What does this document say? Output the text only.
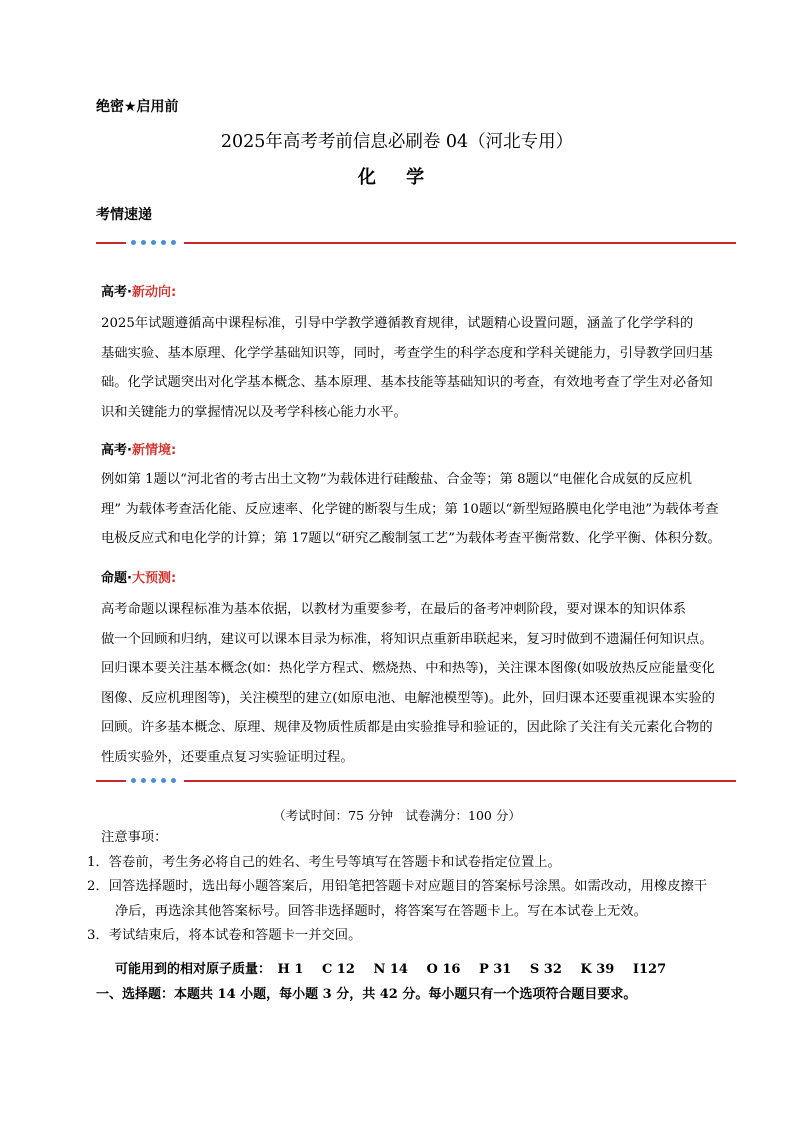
绝密★启用前
2025年高考考前信息必刷卷 04（河北专用）
化 学
考情速递
高考·新动向:
2025年试题遵循高中课程标准，引导中学教学遵循教育规律，试题精心设置问题，涵盖了化学学科的
基础实验、基本原理、化学学基础知识等，同时，考查学生的科学态度和学科关键能力，引导教学回归基
础。化学试题突出对化学基本概念、基本原理、基本技能等基础知识的考查，有效地考查了学生对必备知
识和关键能力的掌握情况以及考学科核心能力水平。
高考·新情境:
例如第 1题以“河北省的考古出土文物”为载体进行硅酸盐、合金等；第 8题以“电催化合成氨的反应机
理” 为载体考查活化能、反应速率、化学键的断裂与生成；第 10题以“新型短路膜电化学电池”为载体考查
电极反应式和电化学的计算；第 17题以“研究乙酸制氢工艺”为载体考查平衡常数、化学平衡、体积分数。
命题·大预测:
高考命题以课程标准为基本依据，以教材为重要参考，在最后的备考冲刺阶段，要对课本的知识体系
做一个回顾和归纳，建议可以课本目录为标准，将知识点重新串联起来，复习时做到不遗漏任何知识点。
回归课本要关注基本概念(如：热化学方程式、燃烧热、中和热等)，关注课本图像(如吸放热反应能量变化
图像、反应机理图等)，关注模型的建立(如原电池、电解池模型等)。此外，回归课本还要重视课本实验的
回顾。许多基本概念、原理、规律及物质性质都是由实验推导和验证的，因此除了关注有关元素化合物的
性质实验外，还要重点复习实验证明过程。
（考试时间：75 分钟　试卷满分：100 分）
注意事项：
1．答卷前，考生务必将自己的姓名、考生号等填写在答题卡和试卷指定位置上。
2．回答选择题时，选出每小题答案后，用铅笔把答题卡对应题目的答案标号涂黑。如需改动，用橡皮擦干
净后，再选涂其他答案标号。回答非选择题时，将答案写在答题卡上。写在本试卷上无效。
3．考试结束后，将本试卷和答题卡一并交回。
可能用到的相对原子质量： H 1 C 12 N 14 O 16 P 31 S 32 K 39 I127
一、选择题：本题共 14 小题，每小题 3 分，共 42 分。每小题只有一个选项符合题目要求。
